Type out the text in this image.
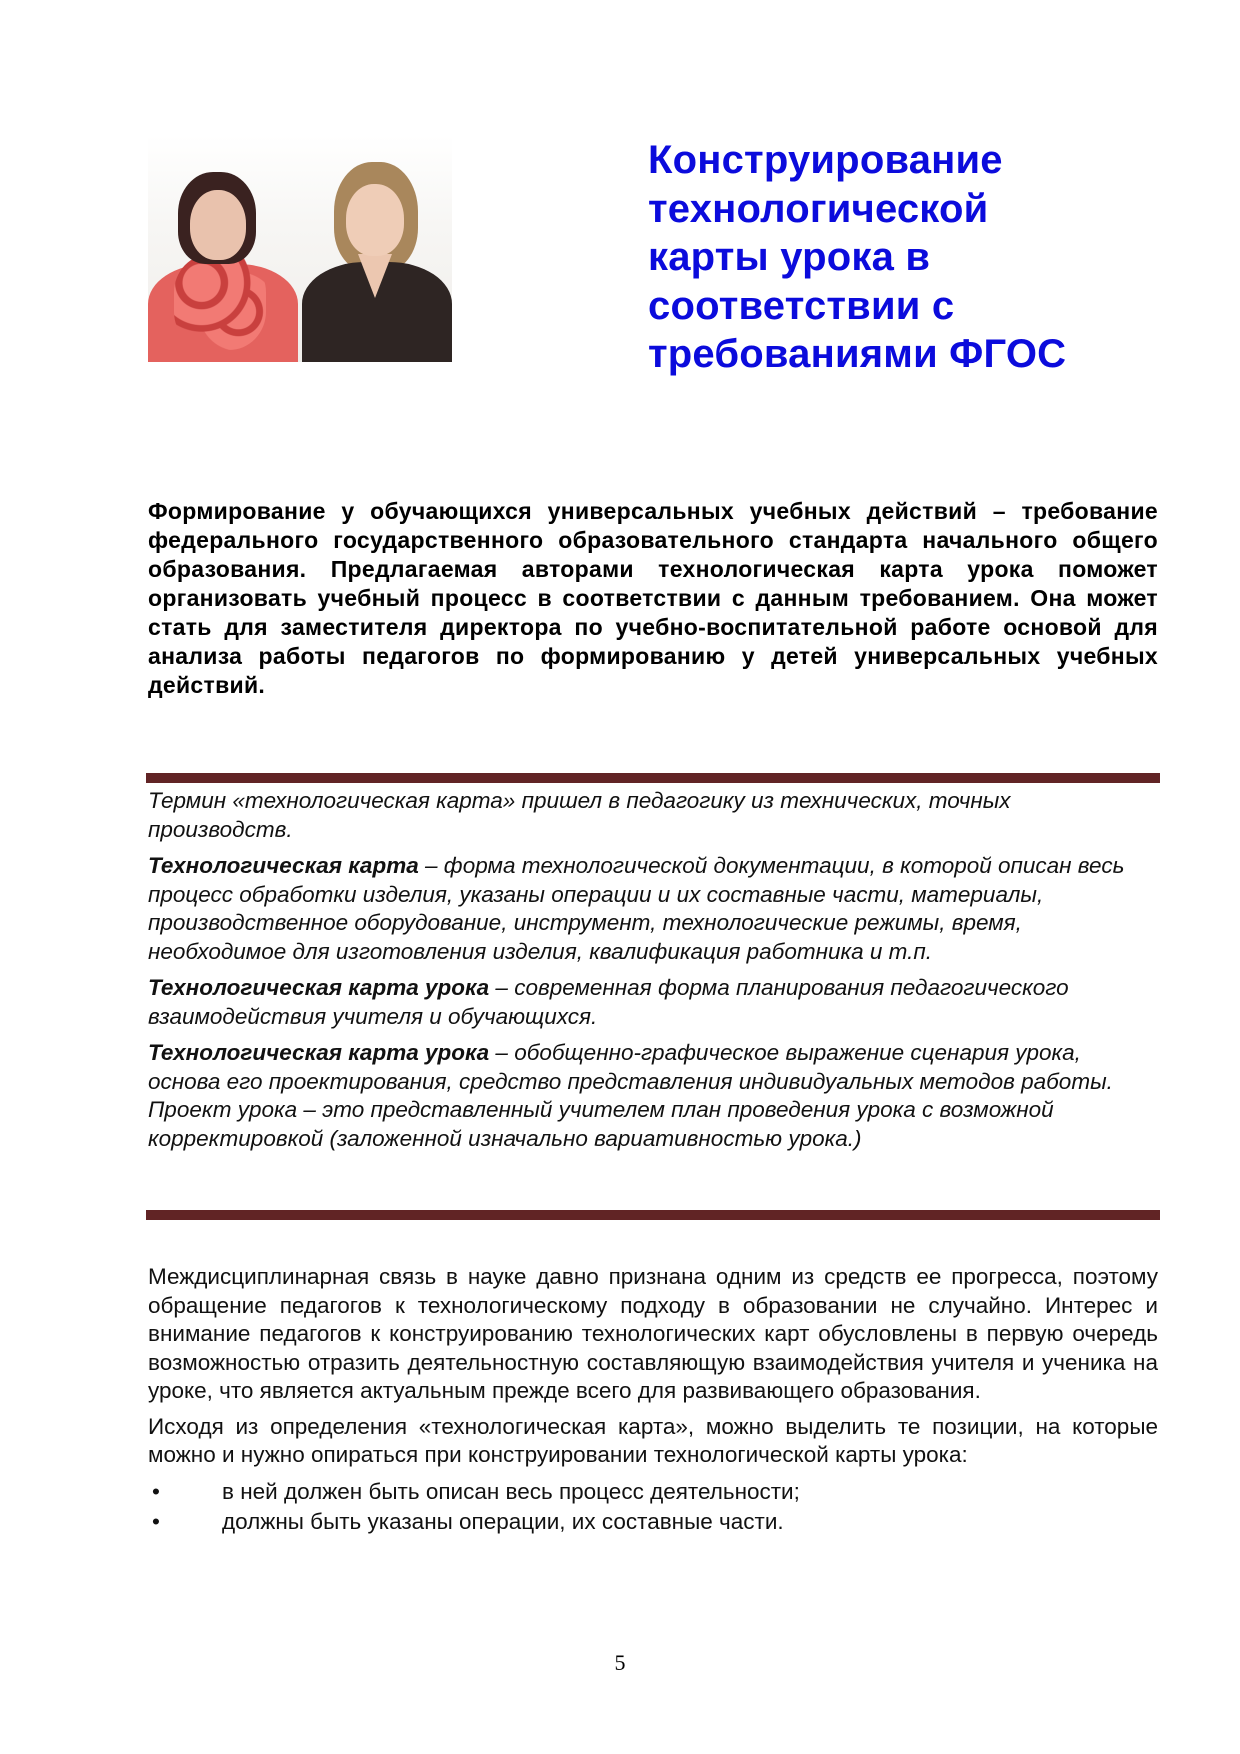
Конструирование
технологической
карты урока в
соответствии с
требованиями ФГОС

Формирование у обучающихся универсальных учебных действий – требование федерального государственного образовательного стандарта начального общего образования. Предлагаемая авторами технологическая карта урока поможет организовать учебный процесс в соответствии с данным требованием. Она может стать для заместителя директора по учебно-воспитательной работе основой для анализа работы педагогов по формированию у детей универсальных учебных действий.

Термин «технологическая карта» пришел в педагогику из технических, точных производств.

Технологическая карта – форма технологической документации, в которой описан весь процесс обработки изделия, указаны операции и их составные части, материалы, производственное оборудование, инструмент, технологические режимы, время, необходимое для изготовления изделия, квалификация работника и т.п.

Технологическая карта урока – современная форма планирования педагогического взаимодействия учителя и обучающихся.

Технологическая карта урока – обобщенно-графическое выражение сценария урока, основа его проектирования, средство представления индивидуальных методов работы. Проект урока – это представленный учителем план проведения урока с возможной корректировкой (заложенной изначально вариативностью урока.)

Междисциплинарная связь в науке давно признана одним из средств ее прогресса, поэтому обращение педагогов к технологическому подходу в образовании не случайно. Интерес и внимание педагогов к конструированию технологических карт обусловлены в первую очередь возможностью отразить деятельностную составляющую взаимодействия учителя и ученика на уроке, что является актуальным прежде всего для развивающего образования.

Исходя из определения «технологическая карта», можно выделить те позиции, на которые можно и нужно опираться при конструировании технологической карты урока:

•	в ней должен быть описан весь процесс деятельности;
•	должны быть указаны операции, их составные части.
5
